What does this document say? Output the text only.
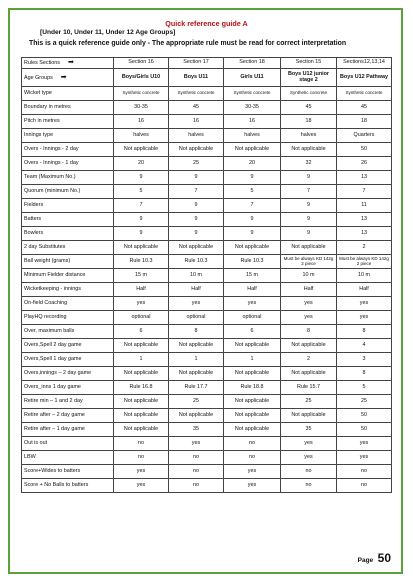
Quick reference guide A
[Under 10, Under 11, Under 12 Age Groups]
This is a quick reference guide only - The appropriate rule must be read for correct interpretation
Rules Sections ➡	Section 16	Section 17	Section 18	Section 15	Sections12,13,14
Age Groups ➡	Boys/Girls U10	Boys U11	Girls U11	Boys U12 junior stage 2	Boys U12 Pathway
Wicket type	Synthetic concrete	Synthetic concrete	Synthetic concrete	Synthetic concrete	Synthetic concrete
Boundary in metres	30-35	45	30-35	45	45
Pitch in metres	16	16	16	18	18
Innings type	halves	halves	halves	halves	Quarters
Overs - Innings - 2 day	Not applicable	Not applicable	Not applicable	Not applicable	50
Overs - Innings - 1 day	20	25	20	32	26
Team (Maximum No.)	9	9	9	9	13
Quorum (minimum No.)	5	7	5	7	7
Fielders	7	9	7	9	11
Batters	9	9	9	9	13
Bowlers	9	9	9	9	13
2 day Substitutes	Not applicable	Not applicable	Not applicable	Not applicable	2
Ball weight (grams)	Rule 10.3	Rule 10.3	Rule 10.3	Must be always KD 142g 2 piece	Must be always KD 142g 2 piece
Minimum Fielder distance	15 m	10 m	15 m	10 m	10 m
Wicketkeeping - innings	Half	Half	Half	Half	Half
On-field Coaching	yes	yes	yes	yes	yes
PlayHQ recording	optional	optional	optional	yes	yes
Over, maximum balls	6	8	6	8	8
Overs,Spell 2 day game	Not applicable	Not applicable	Not applicable	Not applicable	4
Overs,Spell 1 day game	1	1	1	2	3
Overs,innings – 2 day game	Not applicable	Not applicable	Not applicable	Not applicable	8
Overs_inns 1 day game	Rule 16.8	Rule 17.7	Rule 18.8	Rule 15.7	5
Retire min – 1 and 2 day	Not applicable	25	Not applicable	25	25
Retire after – 2 day game	Not applicable	Not applicable	Not applicable	Not applicable	50
Retire after – 1 day game	Not applicable	35	Not applicable	35	50
Out is out	no	yes	no	yes	yes
LBW	no	no	no	yes	yes
Score+Wides to batters	yes	no	yes	no	no
Score + No Balls to batters	yes	no	yes	no	no
Page 50
